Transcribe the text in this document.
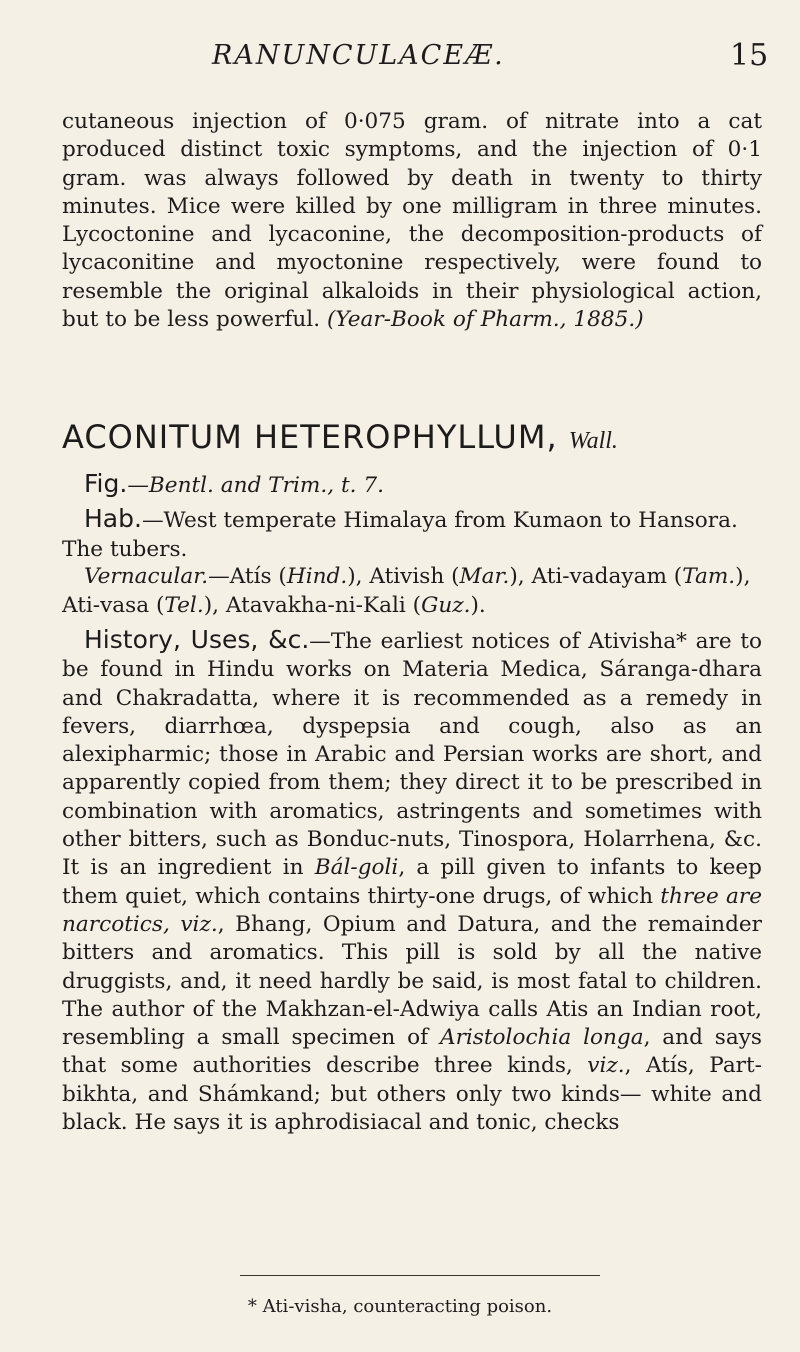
RANUNCULACEÆ.	15

cutaneous injection of 0·075 gram. of nitrate into a cat produced distinct toxic symptoms, and the injection of 0·1 gram. was always followed by death in twenty to thirty minutes. Mice were killed by one milligram in three minutes. Lycoctonine and lycaconine, the decomposition-products of lycaconitine and myoctonine respectively, were found to resemble the original alkaloids in their physiological action, but to be less powerful. (Year-Book of Pharm., 1885.)

ACONITUM HETEROPHYLLUM, Wall.
Fig.—Bentl. and Trim., t. 7.
Hab.—West temperate Himalaya from Kumaon to Hansora. The tubers.
Vernacular.—Atís (Hind.), Ativish (Mar.), Ati-vadayam (Tam.), Ati-vasa (Tel.), Atavakha-ni-Kali (Guz.).
History, Uses, &c.—The earliest notices of Ativisha* are to be found in Hindu works on Materia Medica, Sáranga-dhara and Chakradatta, where it is recommended as a remedy in fevers, diarrhœa, dyspepsia and cough, also as an alexipharmic; those in Arabic and Persian works are short, and apparently copied from them; they direct it to be prescribed in combination with aromatics, astringents and sometimes with other bitters, such as Bonduc-nuts, Tinospora, Holarrhena, &c. It is an ingredient in Bál-goli, a pill given to infants to keep them quiet, which contains thirty-one drugs, of which three are narcotics, viz., Bhang, Opium and Datura, and the remainder bitters and aromatics. This pill is sold by all the native druggists, and, it need hardly be said, is most fatal to children. The author of the Makhzan-el-Adwiya calls Atis an Indian root, resembling a small specimen of Aristolochia longa, and says that some authorities describe three kinds, viz., Atís, Part-bikhta, and Shámkand; but others only two kinds— white and black. He says it is aphrodisiacal and tonic, checks
* Ati-visha, counteracting poison.
